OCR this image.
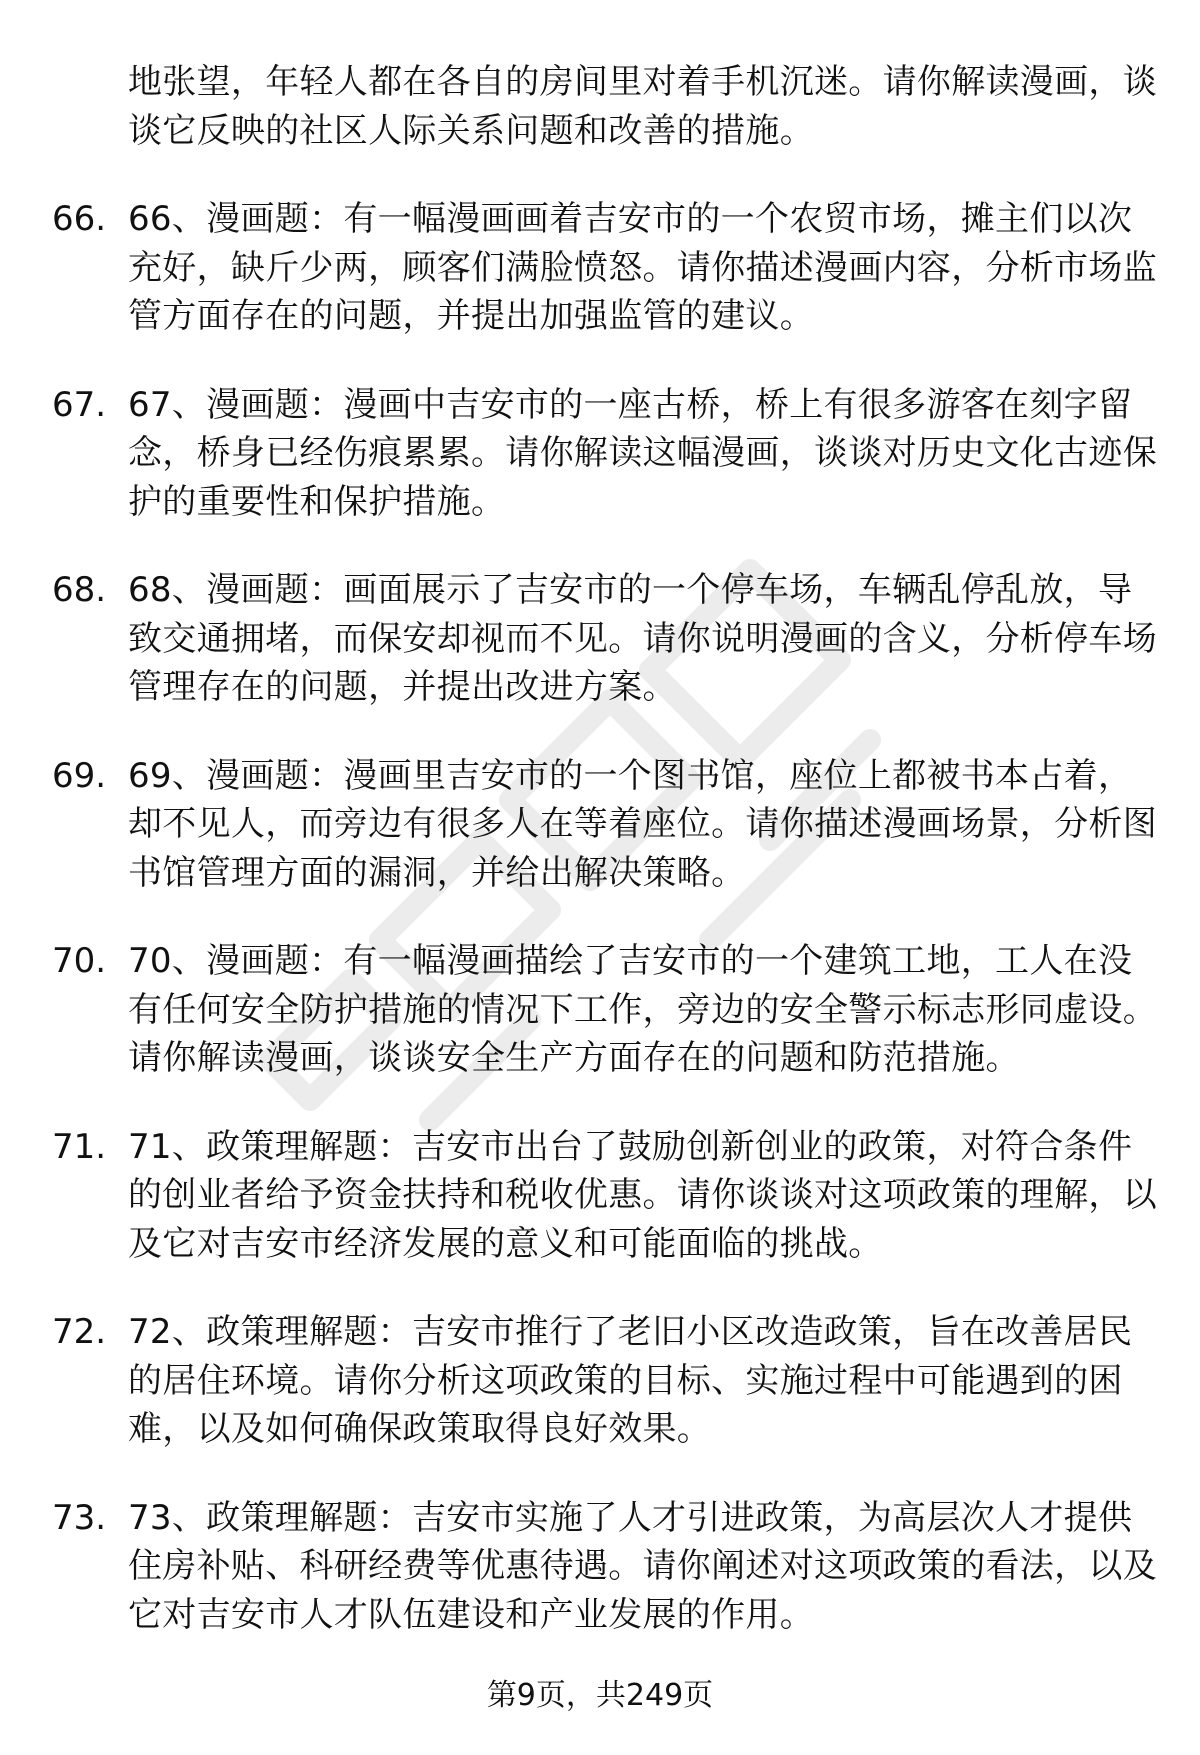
地张望，年轻人都在各自的房间里对着手机沉迷。请你解读漫画，谈谈它反映的社区人际关系问题和改善的措施。
66. 66、漫画题：有一幅漫画画着吉安市的一个农贸市场，摊主们以次充好，缺斤少两，顾客们满脸愤怒。请你描述漫画内容，分析市场监管方面存在的问题，并提出加强监管的建议。
67. 67、漫画题：漫画中吉安市的一座古桥，桥上有很多游客在刻字留念，桥身已经伤痕累累。请你解读这幅漫画，谈谈对历史文化古迹保护的重要性和保护措施。
68. 68、漫画题：画面展示了吉安市的一个停车场，车辆乱停乱放，导致交通拥堵，而保安却视而不见。请你说明漫画的含义，分析停车场管理存在的问题，并提出改进方案。
69. 69、漫画题：漫画里吉安市的一个图书馆，座位上都被书本占着，却不见人，而旁边有很多人在等着座位。请你描述漫画场景，分析图书馆管理方面的漏洞，并给出解决策略。
70. 70、漫画题：有一幅漫画描绘了吉安市的一个建筑工地，工人在没有任何安全防护措施的情况下工作，旁边的安全警示标志形同虚设。请你解读漫画，谈谈安全生产方面存在的问题和防范措施。
71. 71、政策理解题：吉安市出台了鼓励创新创业的政策，对符合条件的创业者给予资金扶持和税收优惠。请你谈谈对这项政策的理解，以及它对吉安市经济发展的意义和可能面临的挑战。
72. 72、政策理解题：吉安市推行了老旧小区改造政策，旨在改善居民的居住环境。请你分析这项政策的目标、实施过程中可能遇到的困难，以及如何确保政策取得良好效果。
73. 73、政策理解题：吉安市实施了人才引进政策，为高层次人才提供住房补贴、科研经费等优惠待遇。请你阐述对这项政策的看法，以及它对吉安市人才队伍建设和产业发展的作用。
第9页，共249页
